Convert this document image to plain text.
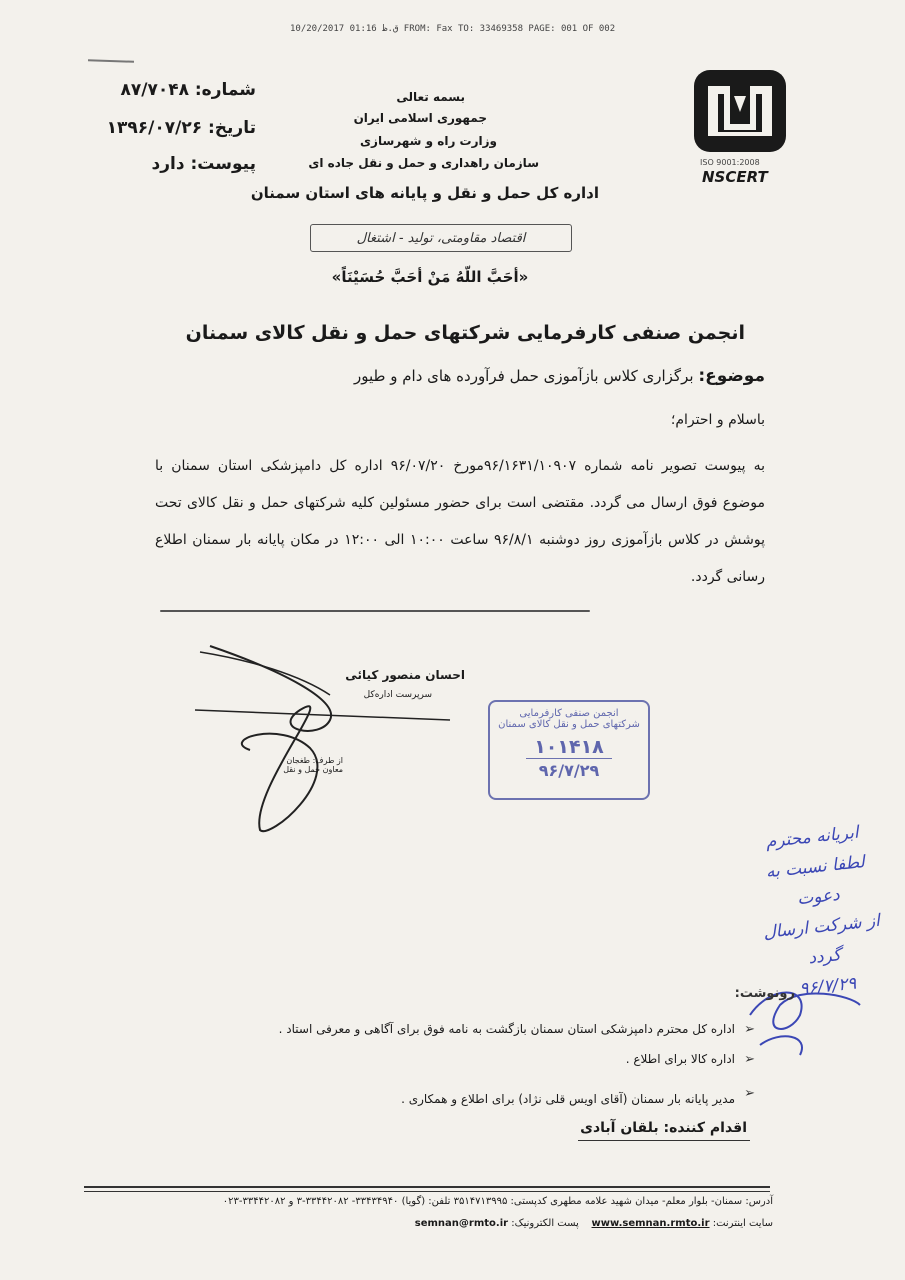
10/20/2017 ق.ظ 01:16 FROM: Fax TO: 33469358 PAGE: 001 OF 002
شماره: ۸۷/۷۰۴۸
تاریخ: ۱۳۹۶/۰۷/۲۶
پیوست: دارد
بسمه تعالی
جمهوری اسلامی ایران
وزارت راه و شهرسازی
سازمان راهداری و حمل و نقل جاده ای
اداره کل حمل و نقل و پایانه های استان سمنان
ISO 9001:2008
NSCERT
اقتصاد مقاومتی، تولید - اشتغال
«أحَبَّ اللّهُ مَنْ أحَبَّ حُسَيْنَاً»
انجمن صنفی کارفرمایی شرکتهای حمل و نقل کالای سمنان
موضوع: برگزاری کلاس بازآموزی حمل فرآورده های دام و طیور
باسلام و احترام؛
به پیوست تصویر نامه شماره ۹۶/۱۶۳۱/۱۰۹۰۷مورخ ۹۶/۰۷/۲۰ اداره کل دامپزشکی استان سمنان با موضوع فوق ارسال می گردد. مقتضی است برای حضور مسئولین کلیه شرکتهای حمل و نقل کالای تحت پوشش در کلاس بازآموزی روز دوشنبه ۹۶/۸/۱ ساعت ۱۰:۰۰ الی ۱۲:۰۰ در مکان پایانه بار سمنان اطلاع رسانی گردد.
احسان منصور کیائی
سرپرست اداره‌کل
از طرف: طغجان
معاون حمل و نقل
انجمن صنفی کارفرمایی
شرکتهای حمل و نقل کالای سمنان
۱۰۱۴۱۸
۹۶/۷/۲۹
ابریانه محترم
لطفا نسبت به دعوت
از شرکت ارسال گردد
۹۶/۷/۲۹
رونوشت:
➢
اداره کل محترم دامپزشکی استان سمنان بازگشت به نامه فوق برای آگاهی و معرفی استاد .
➢
اداره کالا برای اطلاع .
➢
مدیر پایانه بار سمنان (آقای اویس قلی نژاد) برای اطلاع و همکاری .
اقدام کننده: بلقان آبادی
آدرس: سمنان- بلوار معلم- میدان شهید علامه مطهری کدپستی: ۳۵۱۴۷۱۳۹۹۵ تلفن: (گویا) ۳۳۴۳۴۹۴۰- ۳۳۴۴۲۰۸۲-۳ و ۳۳۴۴۲۰۸۲-۰۲۳
سایت اینترنت: www.semnan.rmto.ir    پست الکترونیک: semnan@rmto.ir
